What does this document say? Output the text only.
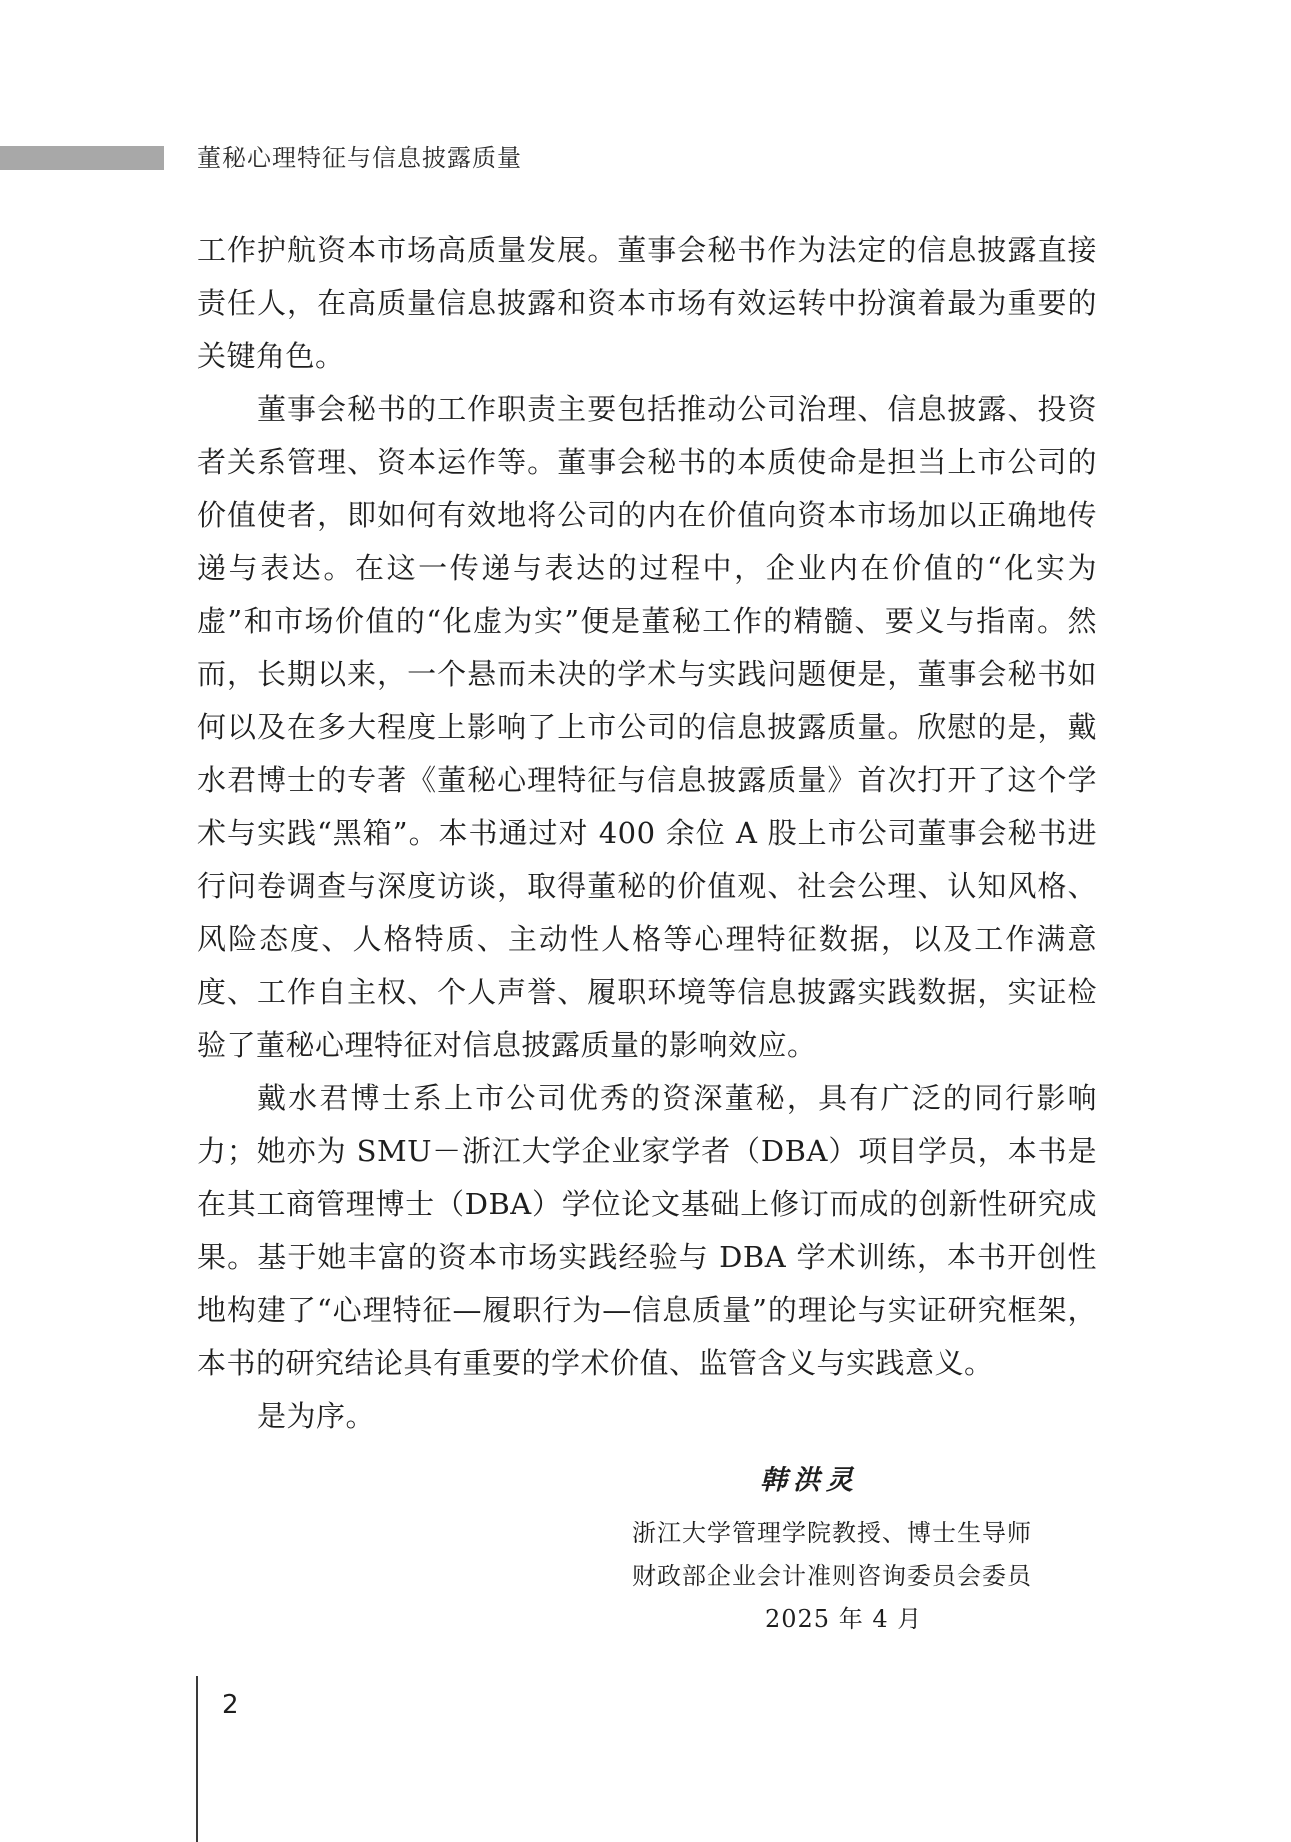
董秘心理特征与信息披露质量

工作护航资本市场高质量发展。董事会秘书作为法定的信息披露直接责任人，在高质量信息披露和资本市场有效运转中扮演着最为重要的关键角色。

董事会秘书的工作职责主要包括推动公司治理、信息披露、投资者关系管理、资本运作等。董事会秘书的本质使命是担当上市公司的价值使者，即如何有效地将公司的内在价值向资本市场加以正确地传递与表达。在这一传递与表达的过程中，企业内在价值的“化实为虚”和市场价值的“化虚为实”便是董秘工作的精髓、要义与指南。然而，长期以来，一个悬而未决的学术与实践问题便是，董事会秘书如何以及在多大程度上影响了上市公司的信息披露质量。欣慰的是，戴水君博士的专著《董秘心理特征与信息披露质量》首次打开了这个学术与实践“黑箱”。本书通过对 400 余位 A 股上市公司董事会秘书进行问卷调查与深度访谈，取得董秘的价值观、社会公理、认知风格、风险态度、人格特质、主动性人格等心理特征数据，以及工作满意度、工作自主权、个人声誉、履职环境等信息披露实践数据，实证检验了董秘心理特征对信息披露质量的影响效应。

戴水君博士系上市公司优秀的资深董秘，具有广泛的同行影响力；她亦为 SMU－浙江大学企业家学者（DBA）项目学员，本书是在其工商管理博士（DBA）学位论文基础上修订而成的创新性研究成果。基于她丰富的资本市场实践经验与 DBA 学术训练，本书开创性地构建了“心理特征—履职行为—信息质量”的理论与实证研究框架，本书的研究结论具有重要的学术价值、监管含义与实践意义。

是为序。

韩洪灵
浙江大学管理学院教授、博士生导师
财政部企业会计准则咨询委员会委员
2025 年 4 月
2
